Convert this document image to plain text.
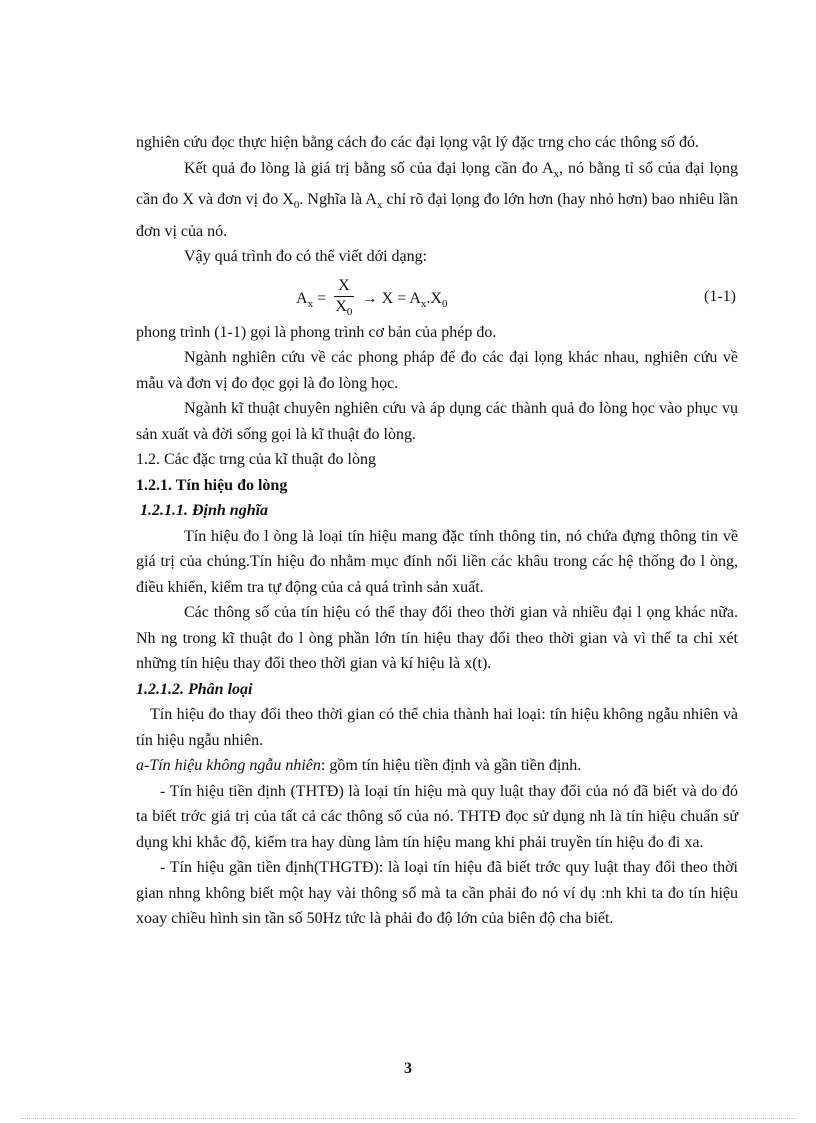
nghiên cứu đọc thực hiện bằng cách đo các đại lọng vật lý đặc trng cho các thông số đó.

Kết quả đo lòng là giá trị bằng số của đại lọng cần đo $A_x$, nó bằng tỉ số của đại lọng cần đo X và đơn vị đo $X_0$. Nghĩa là $A_x$ chỉ rõ đại lọng đo lớn hơn (hay nhỏ hơn) bao nhiêu lần đơn vị của nó.

Vậy quá trình đo có thể viết dới dạng:

$A_x = \frac{X}{X_0} \to X = A_x.X_0$	(1-1)

phong trình (1-1) gọi là phong trình cơ bản của phép đo.

Ngành nghiên cứu về các phong pháp để đo các đại lọng khác nhau, nghiên cứu về mẫu và đơn vị đo đọc gọi là đo lòng học.

Ngành kĩ thuật chuyên nghiên cứu và áp dụng các thành quả đo lòng học vào phục vụ sản xuất và đời sống gọi là kĩ thuật đo lòng.

1.2. Các đặc trng của kĩ thuật đo lòng

1.2.1. Tín hiệu đo lòng

1.2.1.1. Định nghĩa

Tín hiệu đo l òng là loại tín hiệu mang đặc tính thông tin, nó chứa đựng thông tin về giá trị của chúng.Tín hiệu đo nhằm mục đính nối liền các khâu trong các hệ thống đo l òng, điều khiển, kiểm tra tự động của cả quá trình sản xuất.

Các thông số của tín hiệu có thể thay đổi theo thời gian và nhiều đại l ọng khác nữa. Nh ng trong kĩ thuật đo l òng phần lớn tín hiệu thay đổi theo thời gian và vì thế ta chỉ xét những tín hiệu thay đổi theo thời gian và kí hiệu là x(t).

1.2.1.2. Phân loại

Tín hiệu đo thay đổi theo thời gian có thể chia thành hai loại: tín hiệu không ngẫu nhiên và tín hiệu ngẫu nhiên.

a-Tín hiệu không ngẫu nhiên: gồm tín hiệu tiền định và gần tiền định.

- Tín hiệu tiền định (THTĐ) là loại tín hiệu mà quy luật thay đổi của nó đã biết và do đó ta biết trớc giá trị của tất cả các thông số của nó. THTĐ đọc sử dụng nh là tín hiệu chuẩn sử dụng khi khắc độ, kiểm tra hay dùng làm tín hiệu mang khi phải truyền tín hiệu đo đi xa.

- Tín hiệu gần tiền định(THGTĐ): là loại tín hiệu đã biết trớc quy luật thay đổi theo thời gian nhng không biết một hay vài thông số mà ta cần phải đo nó ví dụ :nh khi ta đo tín hiệu xoay chiều hình sin tần số 50Hz tức là phải đo độ lớn của biên độ cha biết.

3
